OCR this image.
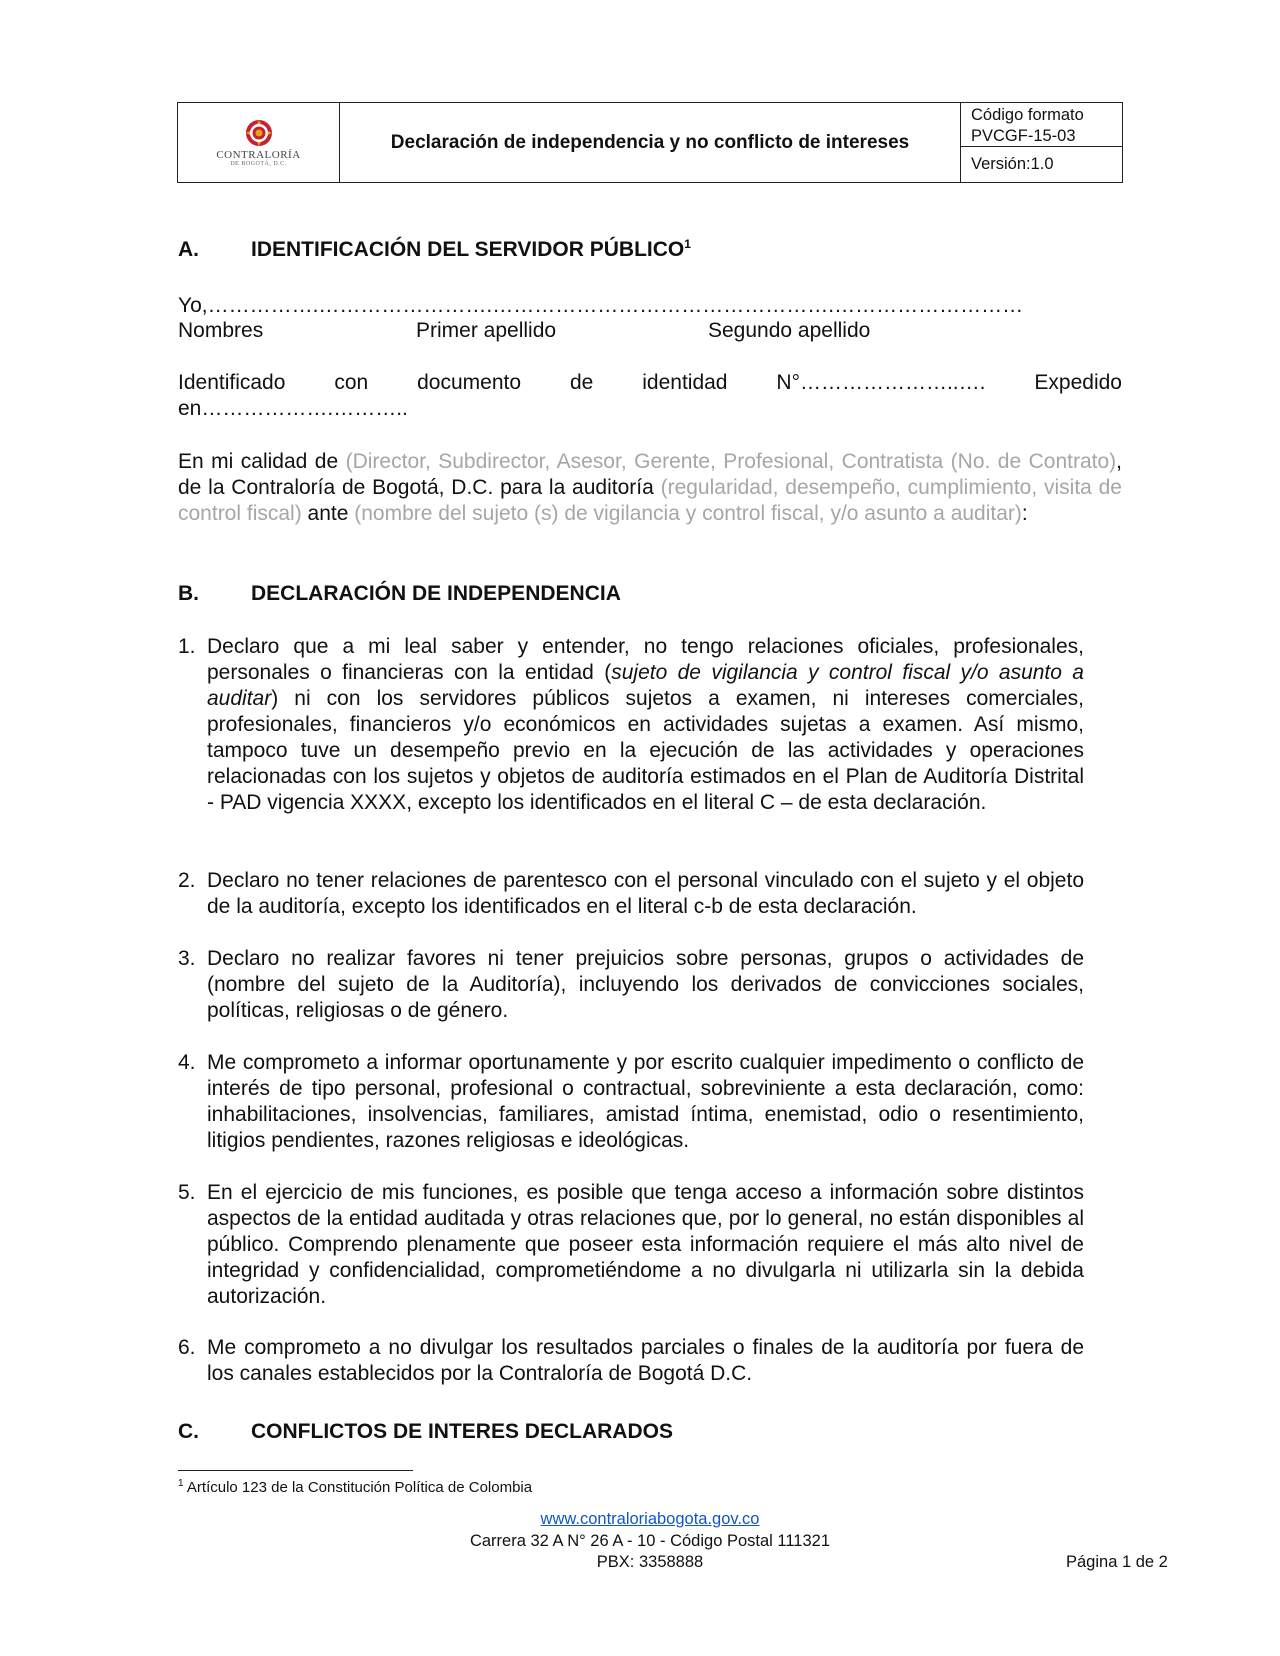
CONTRALORÍA
DE BOGOTÁ, D.C.
Declaración de independencia y no conflicto de intereses
Código formato
PVCGF-15-03
Versión:1.0
A. IDENTIFICACIÓN DEL SERVIDOR PÚBLICO$^1$
Yo,…………….…………………….………………………………………….………………………
Nombres	Primer apellido	Segundo apellido
Identificado con documento de identidad N°…………………..…. Expedido
en……………….………..
En mi calidad de (Director, Subdirector, Asesor, Gerente, Profesional, Contratista (No. de Contrato), de la Contraloría de Bogotá, D.C. para la auditoría (regularidad, desempeño, cumplimiento, visita de control fiscal) ante (nombre del sujeto (s) de vigilancia y control fiscal, y/o asunto a auditar):
B. DECLARACIÓN DE INDEPENDENCIA
1. Declaro que a mi leal saber y entender, no tengo relaciones oficiales, profesionales, personales o financieras con la entidad (sujeto de vigilancia y control fiscal y/o asunto a auditar) ni con los servidores públicos sujetos a examen, ni intereses comerciales, profesionales, financieros y/o económicos en actividades sujetas a examen. Así mismo, tampoco tuve un desempeño previo en la ejecución de las actividades y operaciones relacionadas con los sujetos y objetos de auditoría estimados en el Plan de Auditoría Distrital - PAD vigencia XXXX, excepto los identificados en el literal C – de esta declaración.
2. Declaro no tener relaciones de parentesco con el personal vinculado con el sujeto y el objeto de la auditoría, excepto los identificados en el literal c-b de esta declaración.
3. Declaro no realizar favores ni tener prejuicios sobre personas, grupos o actividades de (nombre del sujeto de la Auditoría), incluyendo los derivados de convicciones sociales, políticas, religiosas o de género.
4. Me comprometo a informar oportunamente y por escrito cualquier impedimento o conflicto de interés de tipo personal, profesional o contractual, sobreviniente a esta declaración, como: inhabilitaciones, insolvencias, familiares, amistad íntima, enemistad, odio o resentimiento, litigios pendientes, razones religiosas e ideológicas.
5. En el ejercicio de mis funciones, es posible que tenga acceso a información sobre distintos aspectos de la entidad auditada y otras relaciones que, por lo general, no están disponibles al público. Comprendo plenamente que poseer esta información requiere el más alto nivel de integridad y confidencialidad, comprometiéndome a no divulgarla ni utilizarla sin la debida autorización.
6. Me comprometo a no divulgar los resultados parciales o finales de la auditoría por fuera de los canales establecidos por la Contraloría de Bogotá D.C.
C. CONFLICTOS DE INTERES DECLARADOS
$^1$ Artículo 123 de la Constitución Política de Colombia
www.contraloriabogota.gov.co
Carrera 32 A N° 26 A - 10 - Código Postal 111321
PBX: 3358888	Página 1 de 2
